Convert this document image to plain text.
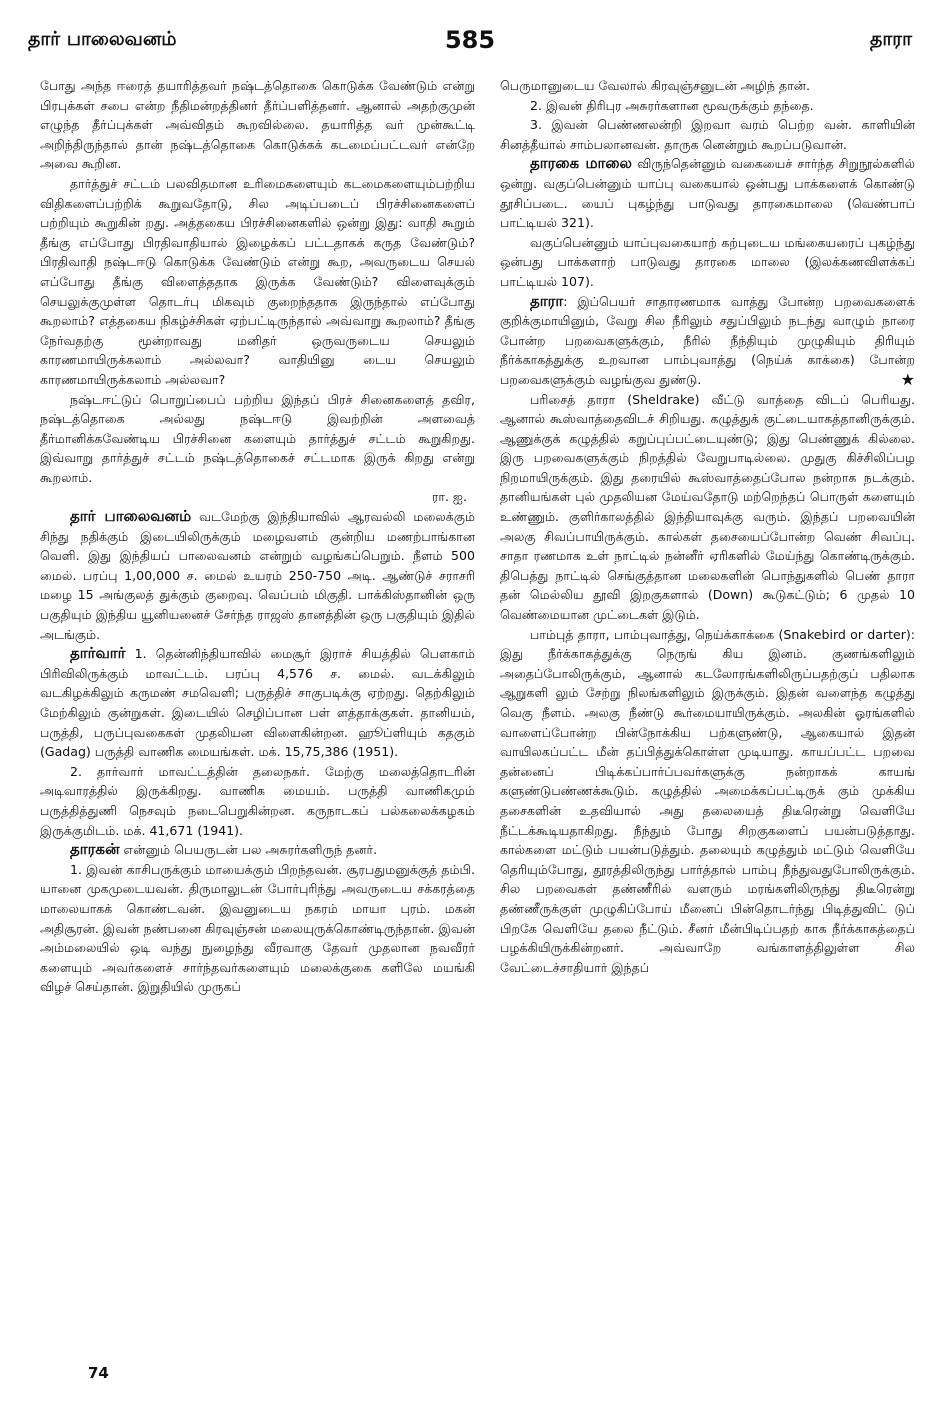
தார் பாலைவனம்	585	தாரா

போது அந்த ஈரைத் தயாரித்தவர் நஷ்டத்தொகை கொடுக்க வேண்டும் என்று பிரபுக்கள் சபை என்ற நீதிமன்றத்தினர் தீர்ப்பளித்தனர். ஆனால் அதற்குமுன் எழுந்த தீர்ப்புக்கள் அவ்விதம் கூறவில்லை. தயாரித்த வர் முன்கூட்டி அறிந்திருந்தால் தான் நஷ்டத்தொகை கொடுக்கக் கடமைப்பட்டவர் என்றே அவை கூறின.

தார்த்துச் சட்டம் பலவிதமான உரிமைகளையும் கடமைகளையும்பற்றிய விதிகளைப்பற்றிக் கூறுவதோடு, சில அடிப்படைப் பிரச்சினைகளைப் பற்றியும் கூறுகின் றது. அத்தகைய பிரச்சினைகளில் ஒன்று இது: வாதி கூறும் தீங்கு எப்போது பிரதிவாதியால் இழைக்கப் பட்டதாகக் கருத வேண்டும்? பிரதிவாதி நஷ்டஈடு கொடுக்க வேண்டும் என்று கூற, அவருடைய செயல் எப்போது தீங்கு விளைத்ததாக இருக்க வேண்டும்? விளைவுக்கும் செயலுக்குமுள்ள தொடர்பு மிகவும் குறைந்ததாக இருந்தால் எப்போது கூறலாம்? எத்தகைய நிகழ்ச்சிகள் ஏற்பட்டிருந்தால் அவ்வாறு கூறலாம்? தீங்கு நேர்வதற்கு மூன்றாவது மனிதர் ஒருவருடைய செயலும் காரணமாயிருக்கலாம் அல்லவா? வாதியினு டைய செயலும் காரணமாயிருக்கலாம் அல்லவா?

நஷ்டஈட்டுப் பொறுப்பைப் பற்றிய இந்தப் பிரச் சினைகளைத் தவிர, நஷ்டத்தொகை அல்லது நஷ்டஈடு இவற்றின் அளவைத் தீர்மானிக்கவேண்டிய பிரச்சினை களையும் தார்த்துச் சட்டம் கூறுகிறது. இவ்வாறு தார்த்துச் சட்டம் நஷ்டத்தொகைச் சட்டமாக இருக் கிறது என்று கூறலாம்.
ரா. ஐ.

தார் பாலைவனம் வடமேற்கு இந்தியாவில் ஆரவல்லி மலைக்கும் சிந்து நதிக்கும் இடையிலிருக்கும் மழைவளம் குன்றிய மணற்பாங்கான வெளி. இது இந்தியப் பாலைவனம் என்றும் வழங்கப்பெறும். நீளம் 500 மைல். பரப்பு 1,00,000 ச. மைல் உயரம் 250-750 அடி. ஆண்டுச் சராசரி மழை 15 அங்குலத் துக்கும் குறைவு. வெப்பம் மிகுதி. பாக்கிஸ்தானின் ஒரு பகுதியும் இந்திய யூனியனைச் சேர்ந்த ராஜஸ் தானத்தின் ஒரு பகுதியும் இதில் அடங்கும்.

தார்வார் 1. தென்னிந்தியாவில் மைசூர் இராச் சியத்தில் பௌகாம் பிரிவிலிருக்கும் மாவட்டம். பரப்பு 4,576 ச. மைல். வடக்கிலும் வடகிழக்கிலும் கருமண் சமவெளி; பருத்திச் சாகுபடிக்கு ஏற்றது. தெற்கிலும் மேற்கிலும் குன்றுகள். இடையில் செழிப்பான பள் ளத்தாக்குகள். தானியம், பருத்தி, பருப்புவகைகள் முதலியன விளைகின்றன. ஹூப்ளியும் கதகும் (Gadag) பருத்தி வாணிக மையங்கள். மக். 15,75,386 (1951).

2. தார்வார் மாவட்டத்தின் தலைநகர். மேற்கு மலைத்தொடரின் அடிவாரத்தில் இருக்கிறது. வாணிக மையம். பருத்தி வாணிகமும் பருத்தித்துணி நெசவும் நடைபெறுகின்றன. கருநாடகப் பல்கலைக்கழகம் இருக்குமிடம். மக். 41,671 (1941).

தாரகன் என்னும் பெயருடன் பல அசுரர்களிருந் தனர்.

1. இவன் காசிபருக்கும் மாயைக்கும் பிறந்தவன். சூரபதுமனுக்குத் தம்பி. யானை முகமுடையவன். திருமாலுடன் போர்புரிந்து அவருடைய சக்கரத்தை மாலையாகக் கொண்டவன். இவனுடைய நகரம் மாயா புரம். மகன் அதிசூரன். இவன் நண்பனை கிரவுஞ்சன் மலையுருக்கொண்டிருந்தான். இவன் அம்மலையில் ஒடி வந்து நுழைந்து வீரவாகு தேவர் முதலான நவவீரர் களையும் அவர்களைச் சார்ந்தவர்களையும் மலைக்குகை களிலே மயங்கி விழச் செய்தான். இறுதியில் முருகப்

பெருமானுடைய வேலால் கிரவுஞ்சனுடன் அழிந் தான்.

2. இவன் திரிபுர அசுரர்களான மூவருக்கும் தந்தை.

3. இவன் பெண்ணலன்றி இறவா வரம் பெற்ற வன். காளியின் சினத்தீயால் சாம்பலானவன். தாருக னென்றும் கூறப்படுவான்.

தாரகை மாலை விருந்தென்னும் வகையைச் சார்ந்த சிறுநூல்களில் ஒன்று. வகுப்பென்னும் யாப்பு வகையால் ஒன்பது பாக்களைக் கொண்டு தூசிப்படை. யைப் புகழ்ந்து பாடுவது தாரகைமாலை (வெண்பாப் பாட்டியல் 321).

வகுப்பென்னும் யாப்புவகையாற் கற்புடைய மங்கையரைப் புகழ்ந்து ஒன்பது பாக்களாற் பாடுவது தாரகை மாலை (இலக்கணவிளக்கப் பாட்டியல் 107).

தாரா: இப்பெயர் சாதாரணமாக வாத்து போன்ற பறவைகளைக் குறிக்குமாயினும், வேறு சில நீரிலும் சதுப்பிலும் நடந்து வாழும் நாரை போன்ற பறவைகளுக்கும், நீரில் நீந்தியும் முழுகியும் திரியும் நீர்க்காகத்துக்கு உறவான பாம்புவாத்து (நெய்க் காக்கை) போன்ற பறவைகளுக்கும் வழங்குவ துண்டு.	★

பரிசைத் தாரா (Sheldrake) வீட்டு வாத்தை விடப் பெரியது. ஆனால் கூஸ்வாத்தைவிடச் சிறியது. கழுத்துக் குட்டையாகத்தானிருக்கும். ஆணுக்குக் கழுத்தில் கறுப்புப்பட்டையுண்டு; இது பெண்ணுக் கில்லை. இரு பறவைகளுக்கும் நிறத்தில் வேறுபாடில்லை. முதுகு கிச்சிலிப்பழ நிறமாயிருக்கும். இது தரையில் கூஸ்வாத்தைப்போல நன்றாக நடக்கும். தானியங்கள் புல் முதலியன மேய்வதோடு மற்றெந்தப் பொருள் களையும் உண்ணும். குளிர்காலத்தில் இந்தியாவுக்கு வரும். இந்தப் பறவையின் அலகு சிவப்பாயிருக்கும். கால்கள் தசையைப்போன்ற வெண் சிவப்பு. சாதா ரணமாக உள் நாட்டில் நன்னீர் ஏரிகளில் மேய்ந்து கொண்டிருக்கும். திபெத்து நாட்டில் செங்குத்தான மலைகளின் பொந்துகளில் பெண் தாரா தன் மெல்லிய தூவி இறகுகளால் (Down) கூடுகட்டும்; 6 முதல் 10 வெண்மையான முட்டைகள் இடும்.

பாம்புத் தாரா, பாம்புவாத்து, நெய்க்காக்கை (Snakebird or darter): இது நீர்க்காகத்துக்கு நெருங் கிய இனம். குணங்களிலும் அதைப்போலிருக்கும், ஆனால் கடலோரங்களிலிருப்பதற்குப் பதிலாக ஆறுகளி லும் சேற்று நிலங்களிலும் இருக்கும். இதன் வளைந்த கழுத்து வெகு நீளம். அலகு நீண்டு கூர்மையாயிருக்கும். அலகின் ஓரங்களில் வாளைப்போன்ற பின்நோக்கிய பற்களுண்டு, ஆகையால் இதன் வாயிலகப்பட்ட மீன் தப்பித்துக்கொள்ள முடியாது. காயப்பட்ட பறவை தன்னைப் பிடிக்கப்பார்ப்பவர்களுக்கு நன்றாகக் காயங் களுண்டுபண்ணக்கூடும். கழுத்தில் அமைக்கப்பட்டிருக் கும் முக்கிய தசைகளின் உதவியால் அது தலையைத் திடீரென்று வெளியே நீட்டக்கூடியதாகிறது. நீந்தும் போது சிறகுகளைப் பயன்படுத்தாது. கால்களை மட்டும் பயன்படுத்தும். தலையும் கழுத்தும் மட்டும் வெளியே தெரியும்போது, தூரத்திலிருந்து பார்த்தால் பாம்பு நீந்துவதுபோலிருக்கும். சில பறவைகள் தண்ணீரில் வளரும் மரங்களிலிருந்து திடீரென்று தண்ணீருக்குள் முழுகிப்போய் மீனைப் பின்தொடர்ந்து பிடித்துவிட் டுப் பிறகே வெளியே தலை நீட்டும். சீனர் மீன்பிடிப்பதற் காக நீர்க்காகத்தைப் பழக்கியிருக்கின்றனர். அவ்வாறே வங்காளத்திலுள்ள சில வேட்டைச்சாதியார் இந்தப்

74
